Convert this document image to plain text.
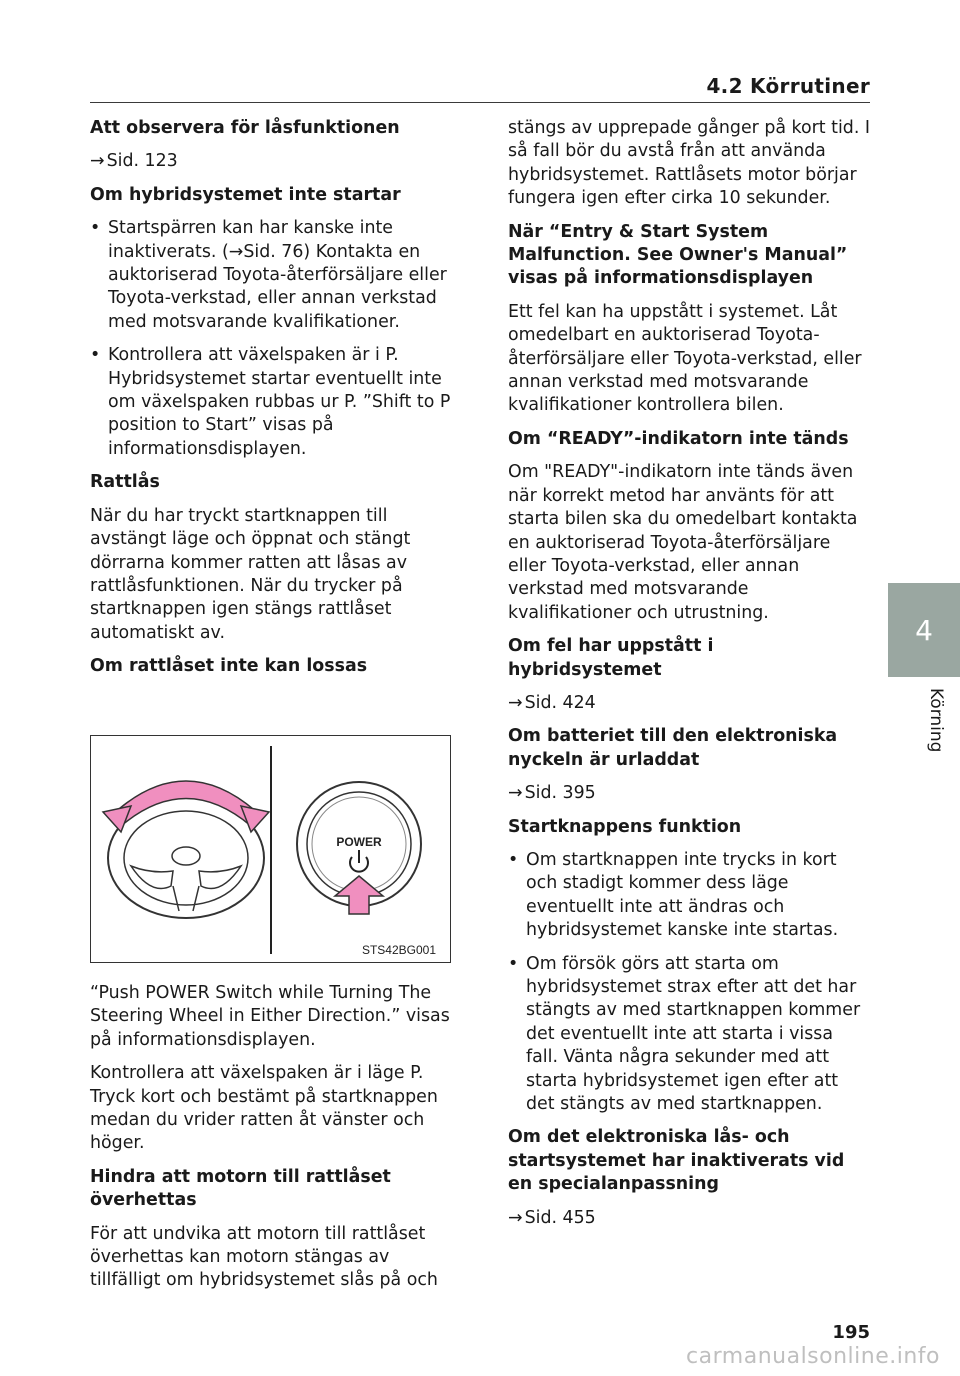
4.2 Körrutiner

Att observera för låsfunktionen

→ Sid. 123

Om hybridsystemet inte startar

• Startspärren kan har kanske inte inaktiverats. (→Sid. 76) Kontakta en auktoriserad Toyota-återförsäljare eller Toyota-verkstad, eller annan verkstad med motsvarande kvalifikationer.

• Kontrollera att växelspaken är i P. Hybridsystemet startar eventuellt inte om växelspaken rubbas ur P. ”Shift to P position to Start” visas på informationsdisplayen.

Rattlås

När du har tryckt startknappen till avstängt läge och öppnat och stängt dörrarna kommer ratten att låsas av rattlåsfunktionen. När du trycker på startknappen igen stängs rattlåset automatiskt av.

Om rattlåset inte kan lossas

POWER
STS42BG001

“Push POWER Switch while Turning The Steering Wheel in Either Direction.” visas på informationsdisplayen.

Kontrollera att växelspaken är i läge P. Tryck kort och bestämt på startknappen medan du vrider ratten åt vänster och höger.

Hindra att motorn till rattlåset överhettas

För att undvika att motorn till rattlåset överhettas kan motorn stängas av tillfälligt om hybridsystemet slås på och

stängs av upprepade gånger på kort tid. I så fall bör du avstå från att använda hybridsystemet. Rattlåsets motor börjar fungera igen efter cirka 10 sekunder.

När “Entry & Start System Malfunction. See Owner's Manual” visas på informationsdisplayen

Ett fel kan ha uppstått i systemet. Låt omedelbart en auktoriserad Toyota-återförsäljare eller Toyota-verkstad, eller annan verkstad med motsvarande kvalifikationer kontrollera bilen.

Om “READY”-indikatorn inte tänds

Om "READY"-indikatorn inte tänds även när korrekt metod har använts för att starta bilen ska du omedelbart kontakta en auktoriserad Toyota-återförsäljare eller Toyota-verkstad, eller annan verkstad med motsvarande kvalifikationer och utrustning.

Om fel har uppstått i hybridsystemet

→ Sid. 424

Om batteriet till den elektroniska nyckeln är urladdat

→ Sid. 395

Startknappens funktion

• Om startknappen inte trycks in kort och stadigt kommer dess läge eventuellt inte att ändras och hybridsystemet kanske inte startas.

• Om försök görs att starta om hybridsystemet strax efter att det har stängts av med startknappen kommer det eventuellt inte att starta i vissa fall. Vänta några sekunder med att starta hybridsystemet igen efter att det stängts av med startknappen.

Om det elektroniska lås- och startsystemet har inaktiverats vid en specialanpassning

→ Sid. 455

4
Körning
195
carmanualsonline.info
